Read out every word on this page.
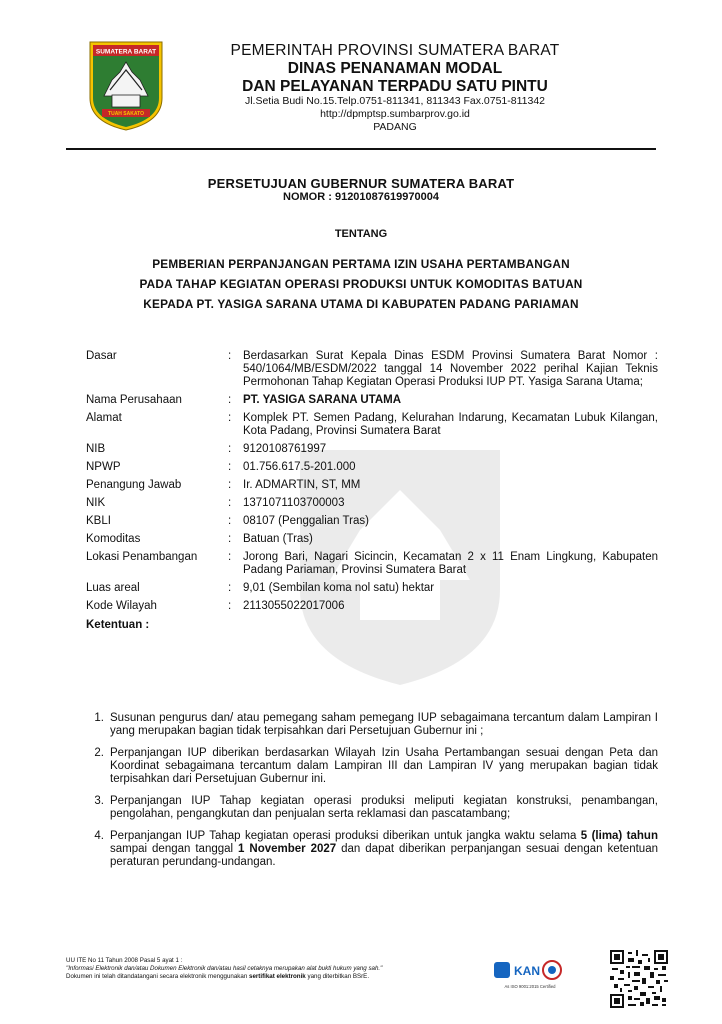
SUMATERA BARAT
TUAH SAKATO
PEMERINTAH PROVINSI SUMATERA BARAT
DINAS PENANAMAN MODAL
DAN PELAYANAN TERPADU SATU PINTU
Jl.Setia Budi No.15.Telp.0751-811341, 811343 Fax.0751-811342
http://dpmptsp.sumbarprov.go.id
PADANG
PERSETUJUAN GUBERNUR SUMATERA BARAT
NOMOR : 91201087619970004
TENTANG
PEMBERIAN PERPANJANGAN PERTAMA IZIN USAHA PERTAMBANGAN
PADA TAHAP KEGIATAN OPERASI PRODUKSI UNTUK KOMODITAS BATUAN
KEPADA PT. YASIGA SARANA UTAMA DI KABUPATEN PADANG PARIAMAN
Dasar	:	Berdasarkan Surat Kepala Dinas ESDM Provinsi Sumatera Barat Nomor : 540/1064/MB/ESDM/2022 tanggal 14 November 2022 perihal Kajian Teknis Permohonan Tahap Kegiatan Operasi Produksi IUP PT. Yasiga Sarana Utama;
Nama Perusahaan	:	PT. YASIGA SARANA UTAMA
Alamat	:	Komplek PT. Semen Padang, Kelurahan Indarung, Kecamatan Lubuk Kilangan, Kota Padang, Provinsi Sumatera Barat
NIB	:	9120108761997
NPWP	:	01.756.617.5-201.000
Penangung Jawab	:	Ir. ADMARTIN, ST, MM
NIK	:	1371071103700003
KBLI	:	08107 (Penggalian Tras)
Komoditas	:	Batuan (Tras)
Lokasi Penambangan	:	Jorong Bari, Nagari Sicincin, Kecamatan 2 x 11 Enam Lingkung, Kabupaten Padang Pariaman, Provinsi Sumatera Barat
Luas areal	:	9,01 (Sembilan koma nol satu) hektar
Kode Wilayah	:	2113055022017006
Ketentuan :
1. Susunan pengurus dan/ atau pemegang saham pemegang IUP sebagaimana tercantum dalam Lampiran I yang merupakan bagian tidak terpisahkan dari Persetujuan Gubernur ini ;
2. Perpanjangan IUP diberikan berdasarkan Wilayah Izin Usaha Pertambangan sesuai dengan Peta dan Koordinat sebagaimana tercantum dalam Lampiran III dan Lampiran IV yang merupakan bagian tidak terpisahkan dari Persetujuan Gubernur ini.
3. Perpanjangan IUP Tahap kegiatan operasi produksi meliputi kegiatan konstruksi, penambangan, pengolahan, pengangkutan dan penjualan serta reklamasi dan pascatambang;
4. Perpanjangan IUP Tahap kegiatan operasi produksi diberikan untuk jangka waktu selama 5 (lima) tahun sampai dengan tanggal 1 November 2027 dan dapat diberikan perpanjangan sesuai dengan ketentuan peraturan perundang-undangan.
UU ITE No 11 Tahun 2008 Pasal 5 ayat 1 :
"Informasi Elektronik dan/atau Dokumen Elektronik dan/atau hasil cetaknya merupakan alat bukti hukum yang sah."
Dokumen ini telah ditandatangani secara elektronik menggunakan sertifikat elektronik yang diterbitkan BSrE.	KAN
As ISO 9001:2015 Certified
